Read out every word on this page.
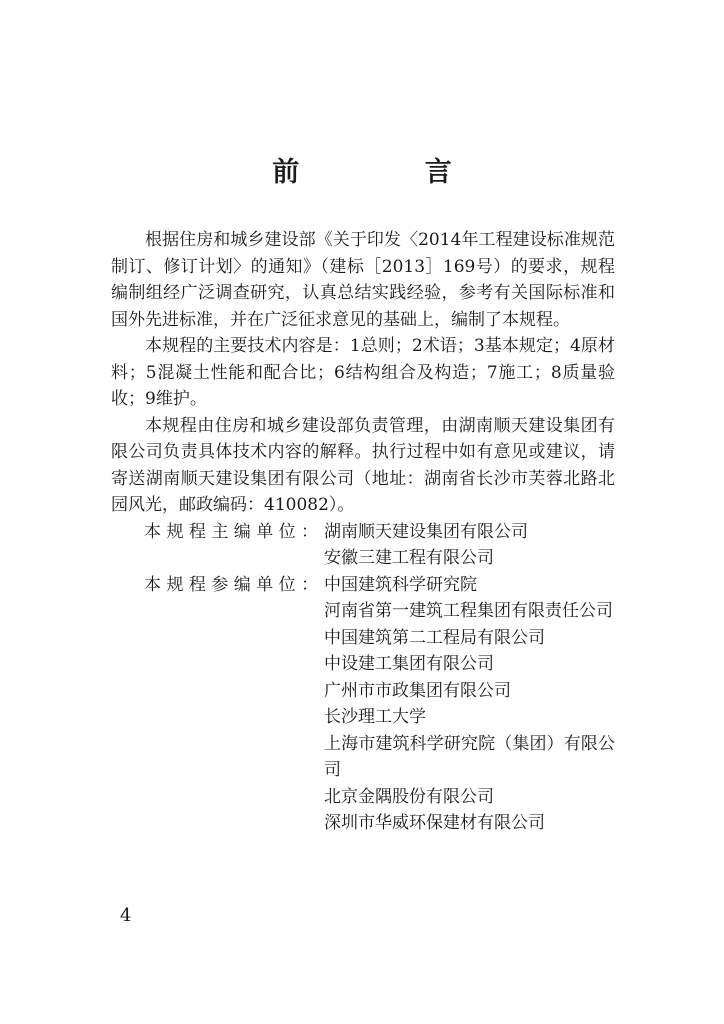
前 言

根据住房和城乡建设部《关于印发〈2014年工程建设标准规范制订、修订计划〉的通知》（建标［2013］169号）的要求，规程编制组经广泛调查研究，认真总结实践经验，参考有关国际标准和国外先进标准，并在广泛征求意见的基础上，编制了本规程。

本规程的主要技术内容是：1总则；2术语；3基本规定；4原材料；5混凝土性能和配合比；6结构组合及构造；7施工；8质量验收；9维护。

本规程由住房和城乡建设部负责管理，由湖南顺天建设集团有限公司负责具体技术内容的解释。执行过程中如有意见或建议，请寄送湖南顺天建设集团有限公司（地址：湖南省长沙市芙蓉北路北园风光，邮政编码：410082）。

本规程主编单位： 湖南顺天建设集团有限公司
安徽三建工程有限公司
本规程参编单位： 中国建筑科学研究院
河南省第一建筑工程集团有限责任公司
中国建筑第二工程局有限公司
中设建工集团有限公司
广州市市政集团有限公司
长沙理工大学
上海市建筑科学研究院（集团）有限公司
北京金隅股份有限公司
深圳市华威环保建材有限公司
4
